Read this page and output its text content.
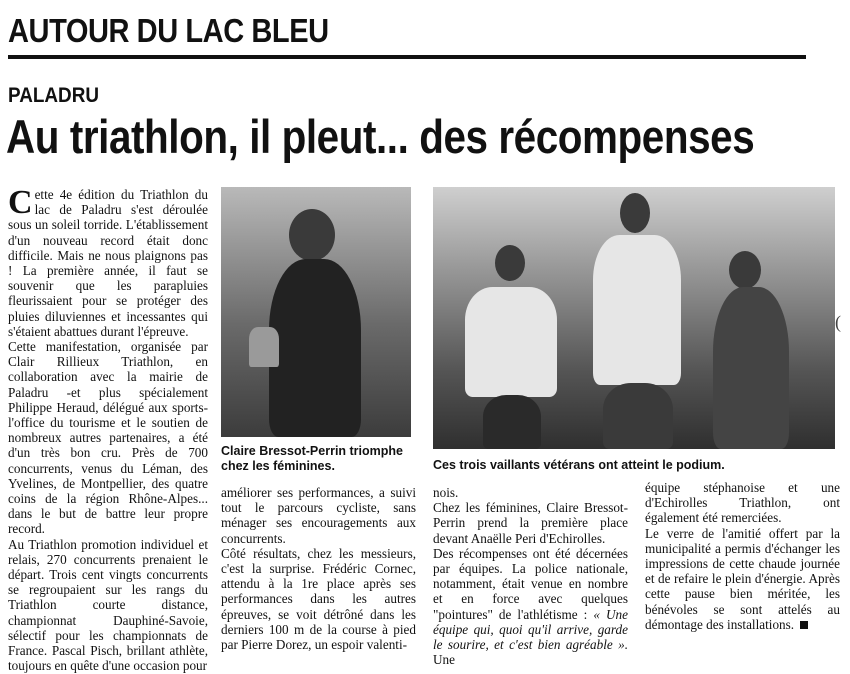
AUTOUR DU LAC BLEU
PALADRU
Au triathlon, il pleut... des récompenses

Cette 4e édition du Triathlon du lac de Paladru s'est déroulée sous un soleil torride. L'établissement d'un nouveau record était donc difficile. Mais ne nous plaignons pas ! La première année, il faut se souvenir que les parapluies fleurissaient pour se protéger des pluies diluviennes et incessantes qui s'étaient abattues durant l'épreuve.

Cette manifestation, organisée par Clair Rillieux Triathlon, en collaboration avec la mairie de Paladru -et plus spécialement Philippe Heraud, délégué aux sports- l'office du tourisme et le soutien de nombreux autres partenaires, a été d'un très bon cru. Près de 700 concurrents, venus du Léman, des Yvelines, de Montpellier, des quatre coins de la région Rhône-Alpes... dans le but de battre leur propre record.

Au Triathlon promotion individuel et relais, 270 concurrents prenaient le départ. Trois cent vingts concurrents se regroupaient sur les rangs du Triathlon courte distance, championnat Dauphiné-Savoie, sélectif pour les championnats de France. Pascal Pisch, brillant athlète, toujours en quête d'une occasion pour

(
Claire Bressot-Perrin triomphe chez les féminines.	Ces trois vaillants vétérans ont atteint le podium.

améliorer ses performances, a suivi tout le parcours cycliste, sans ménager ses encouragements aux concurrents.

Côté résultats, chez les messieurs, c'est la surprise. Frédéric Cornec, attendu à la 1re place après ses performances dans les autres épreuves, se voit détrôné dans les derniers 100 m de la course à pied par Pierre Dorez, un espoir valenti-

nois.

Chez les féminines, Claire Bressot-Perrin prend la première place devant Anaëlle Peri d'Echirolles.

Des récompenses ont été décernées par équipes. La police nationale, notamment, était venue en nombre et en force avec quelques "pointures" de l'athlétisme : « Une équipe qui, quoi qu'il arrive, garde le sourire, et c'est bien agréable ». Une

équipe stéphanoise et une d'Echirolles Triathlon, ont également été remerciées.

Le verre de l'amitié offert par la municipalité a permis d'échanger les impressions de cette chaude journée et de refaire le plein d'énergie. Après cette pause bien méritée, les bénévoles se sont attelés au démontage des installations.
